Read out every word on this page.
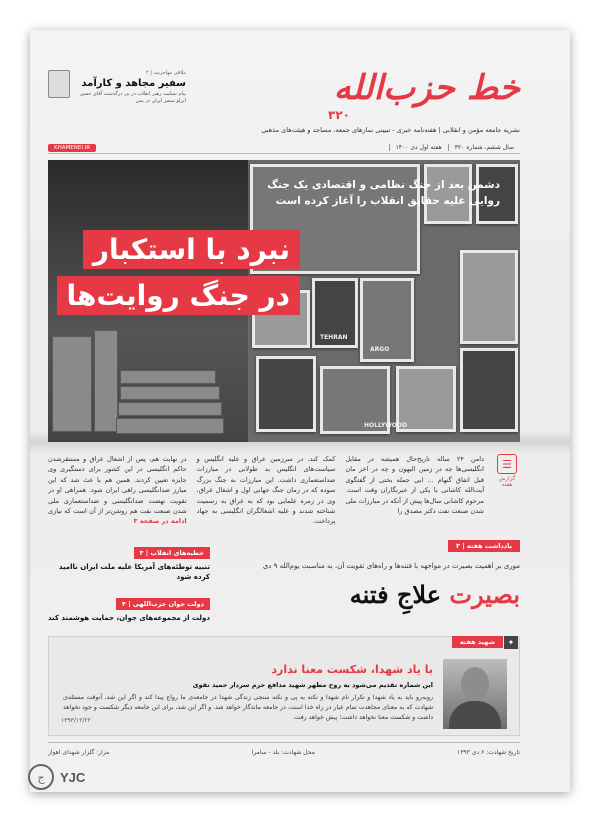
خط حزب‌الله
۳۲۰
نشریه جامعه مؤمن و انقلابی | هفته‌نامه خبری - تبیینی نمازهای جمعه، مساجد و هیئت‌های مذهبی
ملاقی مهاجریت | ۲
سفیر مجاهد و کارآمد
پیام تسلیت رهبر انقلاب در پی درگذشت آقای حسن ایرلو سفیر ایران در یمن
سال ششم، شماره ۳۲۰
هفته اول دی ۱۴۰۰
KHAMENEI.IR
TEHRAN
ARGO
HOLLYWOOD
دشمن بعد از جنگ نظامی و اقتصادی یک جنگ روایی علیه حقایق انقلاب را آغاز کرده است
نبرد با استکبار
در جنگ روایت‌ها
☰
گزارش هفته
دامن ۲۴ ساله تاریخ‌حال همیشه در مقابل انگلیسی‌ها جه در زمین الیهون و چه در اخر مان قبل اتفاق گنهام ... ایی جمله بختی از گفتگوی آیت‌الله کاشانی با یکی از خبرنگاران وقت است. مرحوم کاشانی سال‌ها پیش از آنکه در مبارزات ملی شدن صنعت نفت دکتر مصدق را
کمک کند، در سرزمین عراق و علیه انگلیس و سیاست‌های انگلیس بد طولانی در مبارزات ضداستعماری داشت. این مبارزات به جنگ بزرگ سوده که در زمان جنگ جهانی اول و اشغال عراق، وی در زمره علمایی بود که به عراق به رسمیت شناخته شدند و علیه اشغالگران انگلیسی به جهاد پرداخت.
در نهایت هم، پس از اشغال عراق و مستقرشدن حاکم انگلیسی در این کشور برای دستگیری وی جایزه تعیین کردند. همین هم با عث شد که این مبارز ضدانگلیسی راهی ایران شود. همراهی او در تقویت نهضت ضدانگلیسی و ضداستعماری ملی شدن صنعت نفت هم روشن‌تر از آن است که نیازی ادامه در صفحه ۳
خطبه‌های انقلاب | ۳
تنبیه توطئه‌های آمریکا علیه ملت ایران ناامید کرده شود
دولت جوان حزب‌اللهی | ۴
دولت از مجموعه‌های جوان، حمایت هوشمند کند
یادداشت هفته | ۳
موری بر اهمیت بصیرت در مواجهه با فتنه‌ها و راه‌های تقویت آن، به مناسبت یوم‌الله ۹ دی
بصیرت علاجِ فتنه
✦
شهید هفته
با یاد شهدا، شکست معنا ندارد
این شماره تقدیم می‌شود به روح مطهر شهید مدافع حرم سردار حمید تقوی
روبه‌رو باید به یاد شهدا و تکرار نام شهدا و نکته به پی و نکته سنجی زندگی شهدا در جامعه‌ی ما رواج پیدا کند و اگر این شد، آنوقت مسئله‌ی شهادت که به معنای مجاهدت تمام عیار در راه خدا است، در جامعه ماندگار خواهد شد. و اگر این شد، برای این جامعه دیگر شکست و جود نخواهد داشت و شکست معنا نخواهد داشت؛ پیش خواهد رفت.
۱۳۹۳/۱۲/۲۲
تاریخ شهادت: ۶ دی ۱۳۹۳
محل شهادت: بلد - سامرا
مزار: گلزار شهدای اهواز
ج	YJC
